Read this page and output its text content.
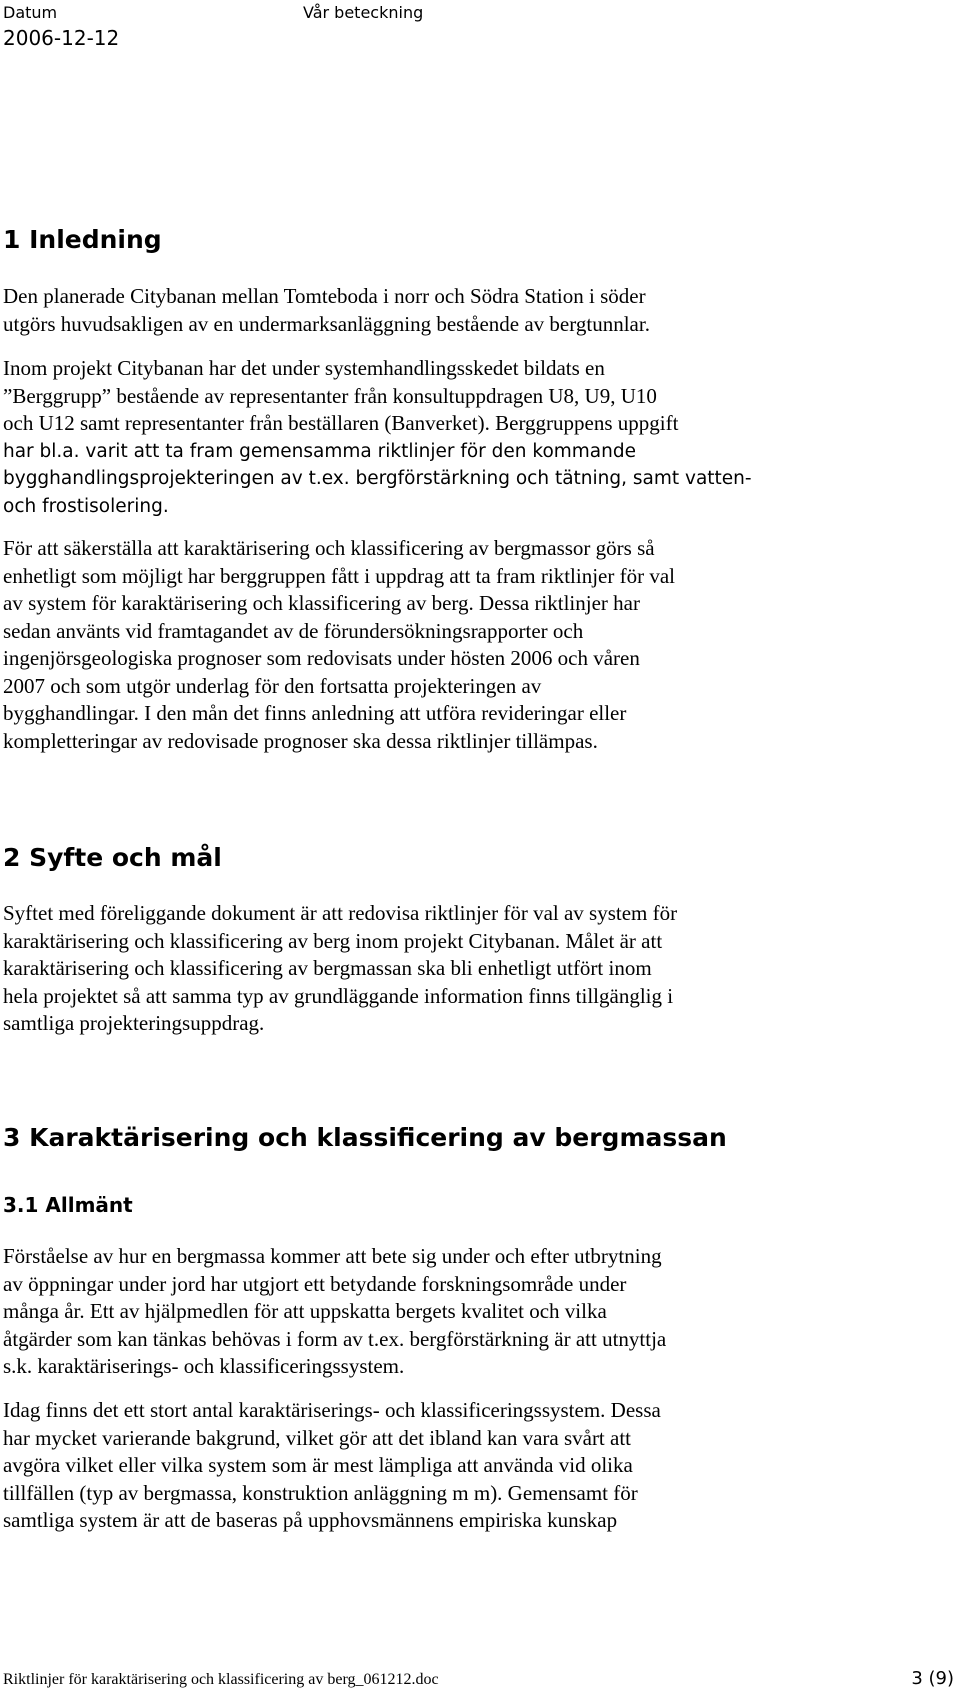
Datum
2006-12-12
Vår beteckning
1 Inledning

Den planerade Citybanan mellan Tomteboda i norr och Södra Station i söder
utgörs huvudsakligen av en undermarksanläggning bestående av bergtunnlar.

Inom projekt Citybanan har det under systemhandlingsskedet bildats en
”Berggrupp” bestående av representanter från konsultuppdragen U8, U9, U10
och U12 samt representanter från beställaren (Banverket). Berggruppens uppgift
har bl.a. varit att ta fram gemensamma riktlinjer för den kommande
bygghandlingsprojekteringen av t.ex. bergförstärkning och tätning, samt vatten-
och frostisolering.

För att säkerställa att karaktärisering och klassificering av bergmassor görs så
enhetligt som möjligt har berggruppen fått i uppdrag att ta fram riktlinjer för val
av system för karaktärisering och klassificering av berg. Dessa riktlinjer har
sedan använts vid framtagandet av de förundersökningsrapporter och
ingenjörsgeologiska prognoser som redovisats under hösten 2006 och våren
2007 och som utgör underlag för den fortsatta projekteringen av
bygghandlingar. I den mån det finns anledning att utföra revideringar eller
kompletteringar av redovisade prognoser ska dessa riktlinjer tillämpas.

2 Syfte och mål

Syftet med föreliggande dokument är att redovisa riktlinjer för val av system för
karaktärisering och klassificering av berg inom projekt Citybanan. Målet är att
karaktärisering och klassificering av bergmassan ska bli enhetligt utfört inom
hela projektet så att samma typ av grundläggande information finns tillgänglig i
samtliga projekteringsuppdrag.

3 Karaktärisering och klassificering av bergmassan
3.1 Allmänt

Förståelse av hur en bergmassa kommer att bete sig under och efter utbrytning
av öppningar under jord har utgjort ett betydande forskningsområde under
många år. Ett av hjälpmedlen för att uppskatta bergets kvalitet och vilka
åtgärder som kan tänkas behövas i form av t.ex. bergförstärkning är att utnyttja
s.k. karaktäriserings- och klassificeringssystem.

Idag finns det ett stort antal karaktäriserings- och klassificeringssystem. Dessa
har mycket varierande bakgrund, vilket gör att det ibland kan vara svårt att
avgöra vilket eller vilka system som är mest lämpliga att använda vid olika
tillfällen (typ av bergmassa, konstruktion anläggning m m). Gemensamt för
samtliga system är att de baseras på upphovsmännens empiriska kunskap

Riktlinjer för karaktärisering och klassificering av berg_061212.doc	3 (9)
